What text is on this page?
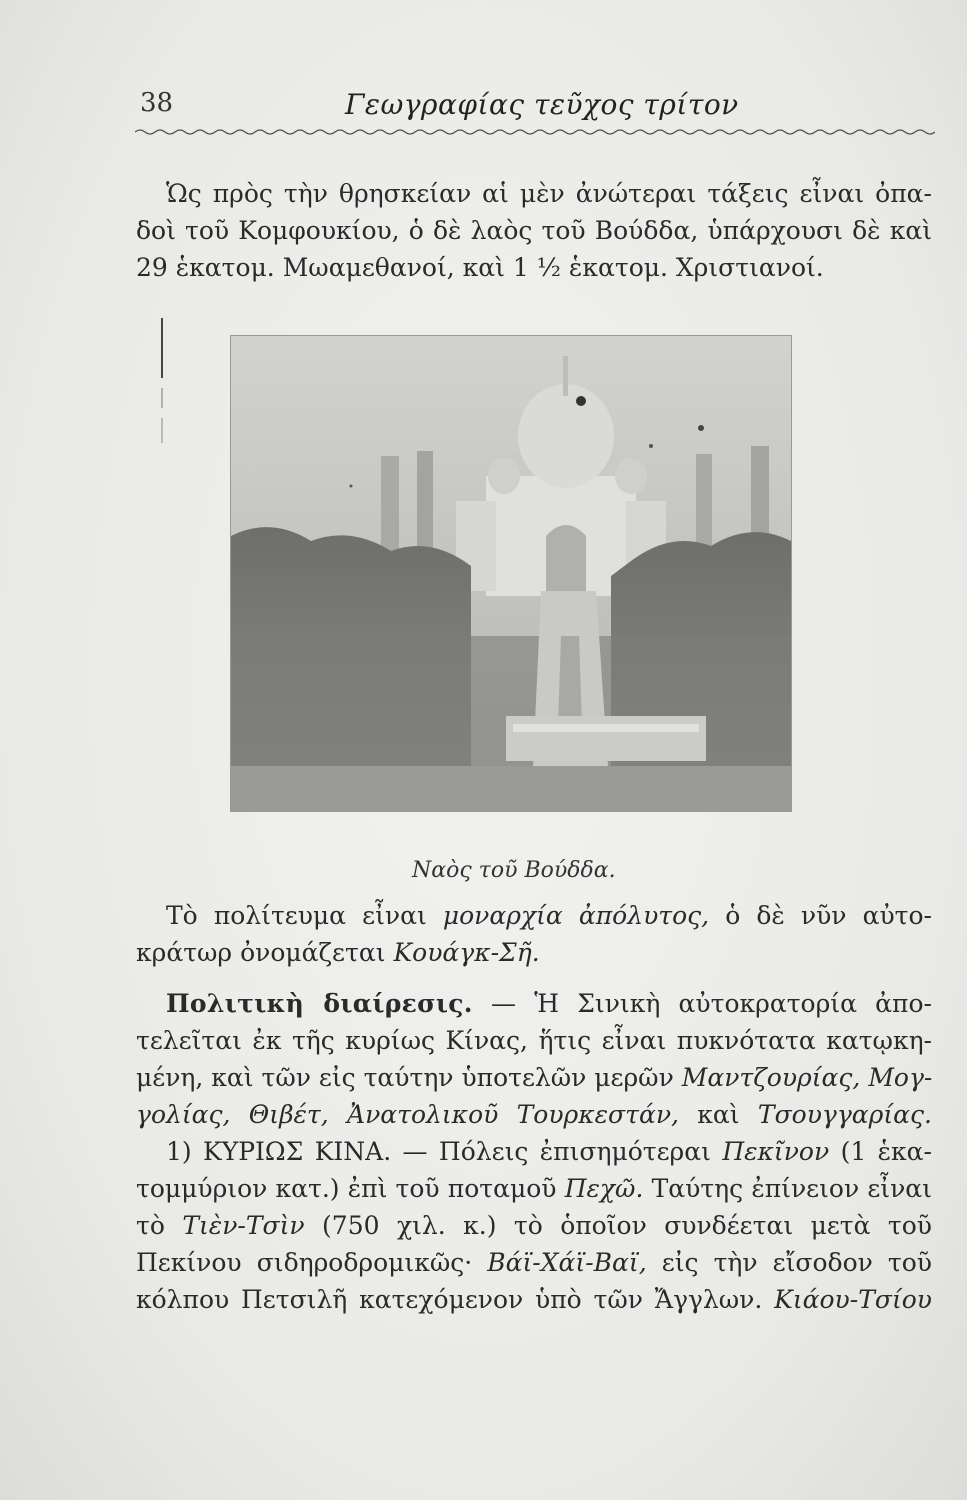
38	Γεωγραφίας τεῦχος τρίτον
Ὡς πρὸς τὴν θρησκείαν αἱ μὲν ἀνώτεραι τάξεις εἶναι ὀπα-
δοὶ τοῦ Κομφουκίου, ὁ δὲ λαὸς τοῦ Βούδδα, ὑπάρχουσι δὲ καὶ
29 ἑκατομ. Μωαμεθανοί, καὶ 1 ½ ἑκατομ. Χριστιανοί.
Ναὸς τοῦ Βούδδα.
Τὸ πολίτευμα εἶναι μοναρχία ἀπόλυτος, ὁ δὲ νῦν αὐτο-
κράτωρ ὀνομάζεται Κουάγκ-Σῆ.
Πολιτικὴ διαίρεσις. — Ἡ Σινικὴ αὐτοκρατορία ἀπο-
τελεῖται ἐκ τῆς κυρίως Κίνας, ἥτις εἶναι πυκνότατα κατῳκη-
μένη, καὶ τῶν εἰς ταύτην ὑποτελῶν μερῶν Μαντζουρίας, Μογ-
γολίας, Θιβέτ, Ἀνατολικοῦ Τουρκεστάν, καὶ Τσουγγαρίας.
1) ΚΥΡΙΩΣ ΚΙΝΑ. — Πόλεις ἐπισημότεραι Πεκῖνον (1 ἑκα-
τομμύριον κατ.) ἐπὶ τοῦ ποταμοῦ Πεχῶ. Ταύτης ἐπίνειον εἶναι
τὸ Τιὲν-Τσὶν (750 χιλ. κ.) τὸ ὁποῖον συνδέεται μετὰ τοῦ
Πεκίνου σιδηροδρομικῶς· Βάϊ-Χάϊ-Βαϊ, εἰς τὴν εἴσοδον τοῦ
κόλπου Πετσιλῆ κατεχόμενον ὑπὸ τῶν Ἄγγλων. Κιάου-Τσίου
